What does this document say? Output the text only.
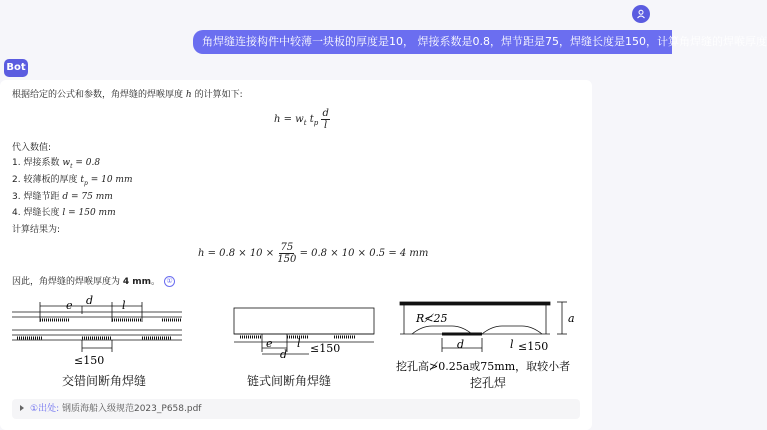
角焊缝连接构件中较薄一块板的厚度是10， 焊接系数是0.8，焊节距是75，焊缝长度是150，计算角焊缝的焊喉厚度
Bot
根据给定的公式和参数，角焊缝的焊喉厚度 h 的计算如下:
$h = w_t$ $t_p \frac{d}{l}$
代入数值:
1. 焊接系数 $w_t = 0.8$
2. 较薄板的厚度 $t_p = 10$ mm
3. 焊缝节距 d = 75 mm
4. 焊缝长度 l = 150 mm
计算结果为:
$h = 0.8 \times 10 \times \frac{75}{150} = 0.8 \times 10 \times 0.5 = 4$ mm
因此，角焊缝的焊喉厚度为 4 mm。 ①
e d	l
≤150
e
d
l ≤150
R≮25	a
d	l ≤150
挖孔高≯0.25a或75mm，取较小者
交错间断角焊缝	链式间断角焊缝	挖孔焊
①出处: 钢质海船入级规范2023_P658.pdf
